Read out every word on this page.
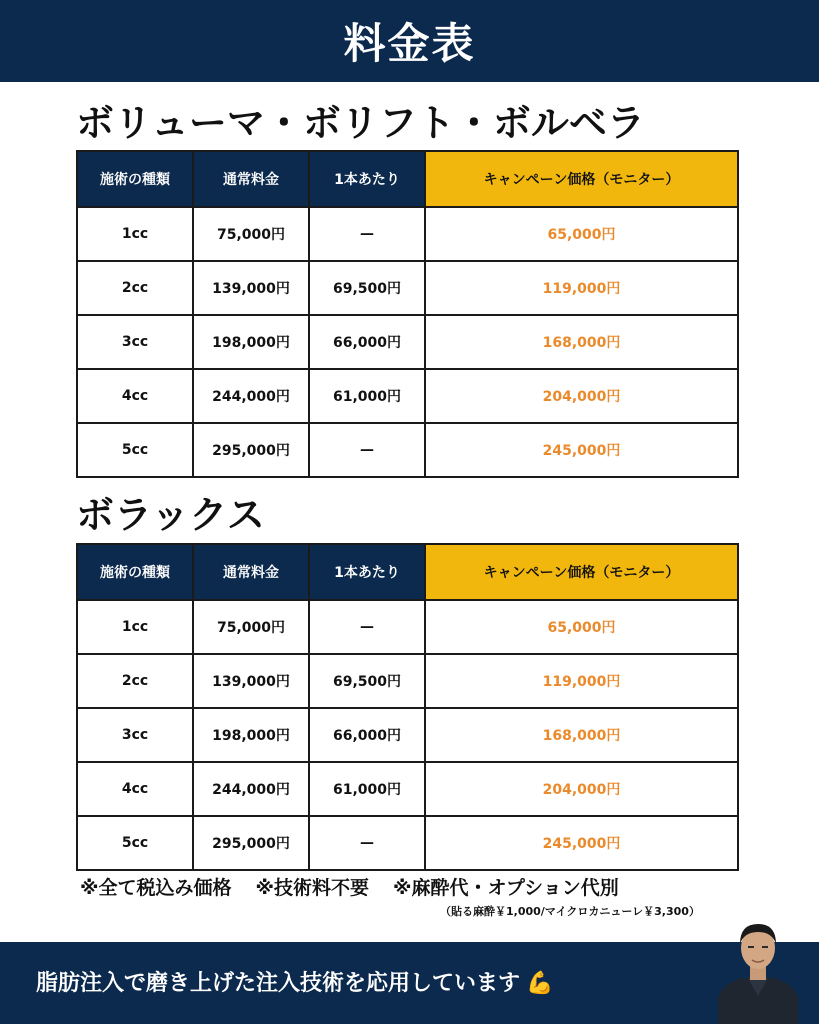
料金表
ボリューマ・ボリフト・ボルベラ
施術の種類	通常料金	1本あたり	キャンペーン価格（モニター）
1cc	75,000円	—	65,000円
2cc	139,000円	69,500円	119,000円
3cc	198,000円	66,000円	168,000円
4cc	244,000円	61,000円	204,000円
5cc	295,000円	—	245,000円
ボラックス
施術の種類	通常料金	1本あたり	キャンペーン価格（モニター）
1cc	75,000円	—	65,000円
2cc	139,000円	69,500円	119,000円
3cc	198,000円	66,000円	168,000円
4cc	244,000円	61,000円	204,000円
5cc	295,000円	—	245,000円
※全て税込み価格 ※技術料不要 ※麻酔代・オプション代別
（貼る麻酔￥1,000/マイクロカニューレ￥3,300）
脂肪注入で磨き上げた注入技術を応用しています 💪
